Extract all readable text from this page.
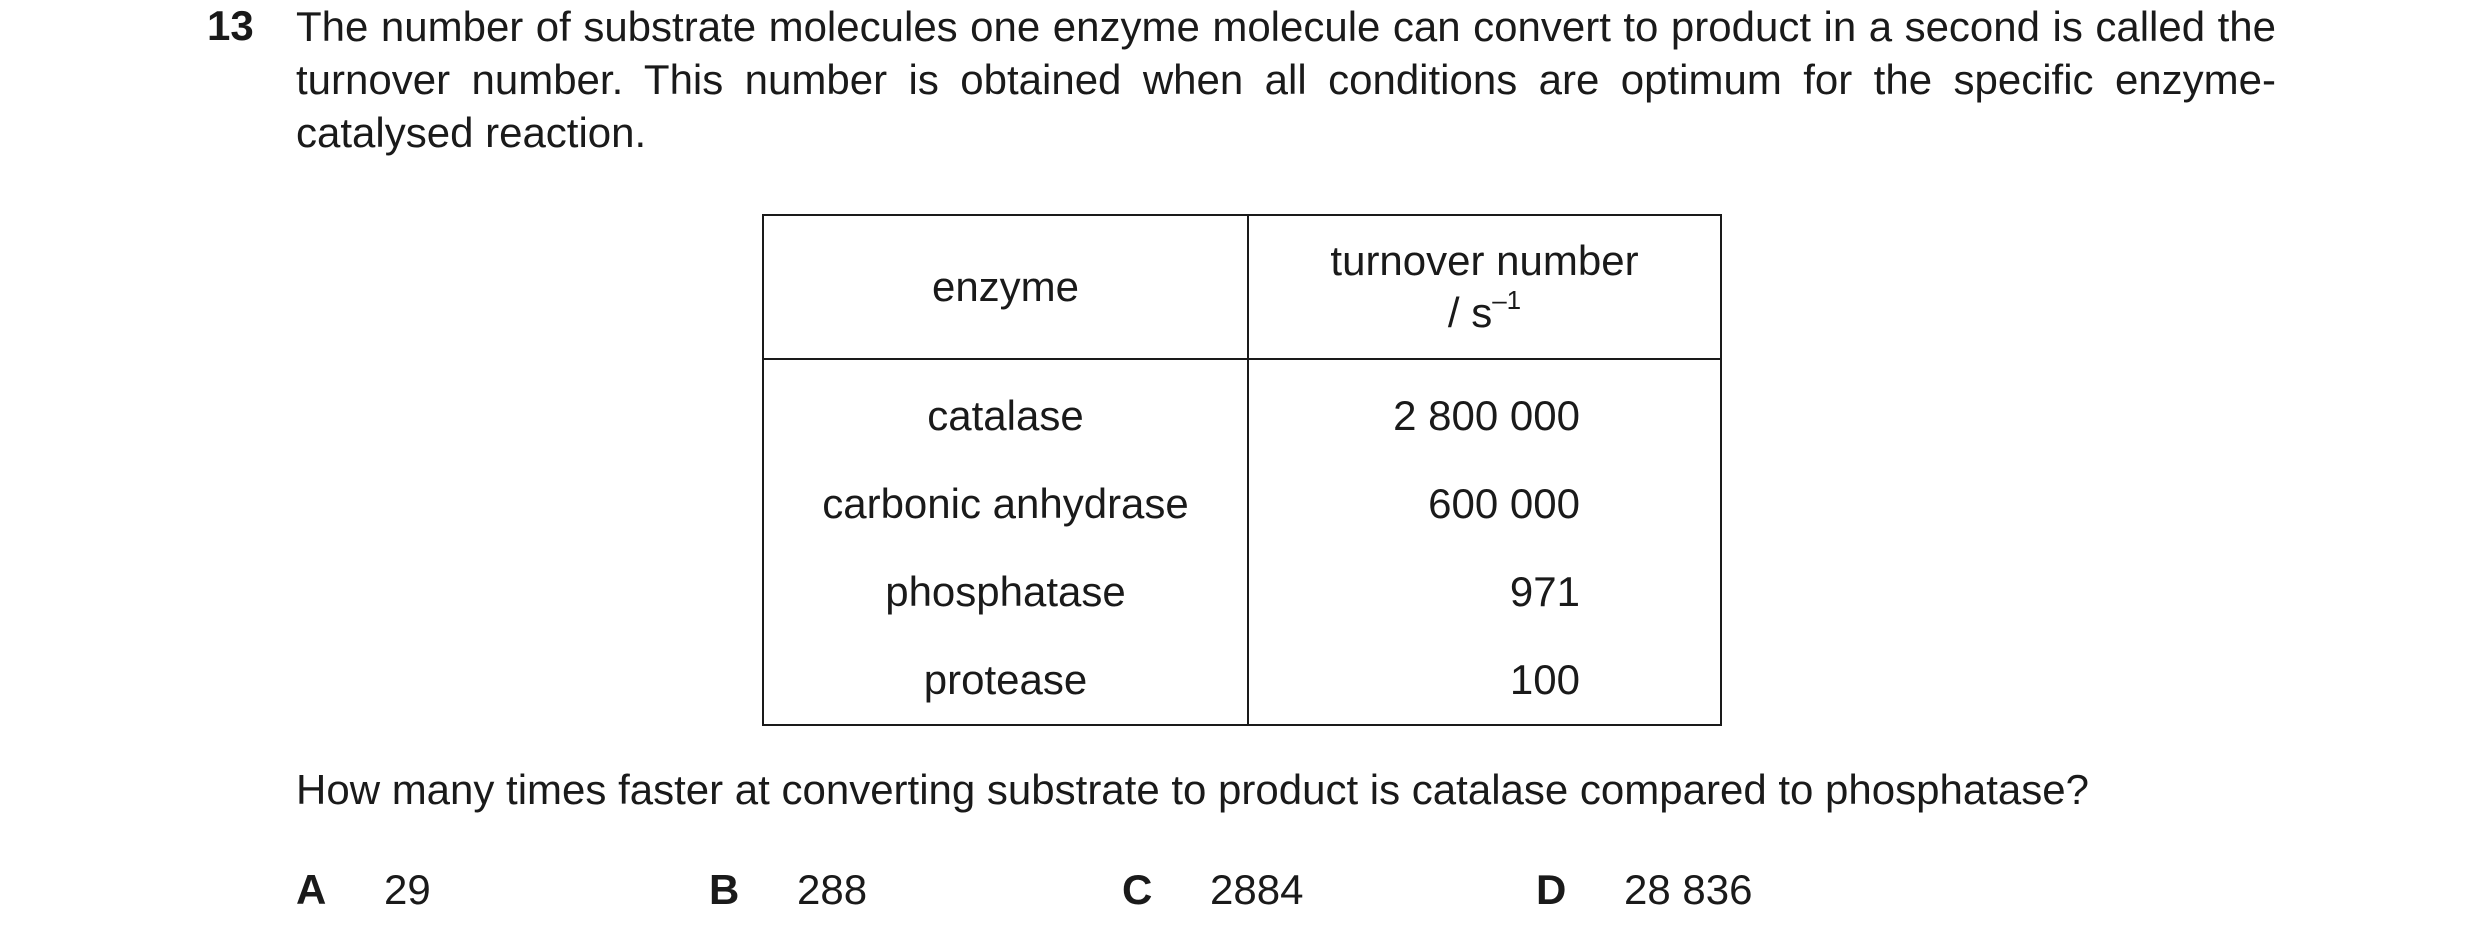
13 The number of substrate molecules one enzyme molecule can convert to product in a second is called the turnover number. This number is obtained when all conditions are optimum for the specific enzyme-catalysed reaction.
enzyme	turnover number
/ $s^{-1}$

catalase	2 800 000
carbonic anhydrase	600 000
phosphatase	971
protease	100
How many times faster at converting substrate to product is catalase compared to phosphatase?
A 29	B 288	C 2884	D 28 836
